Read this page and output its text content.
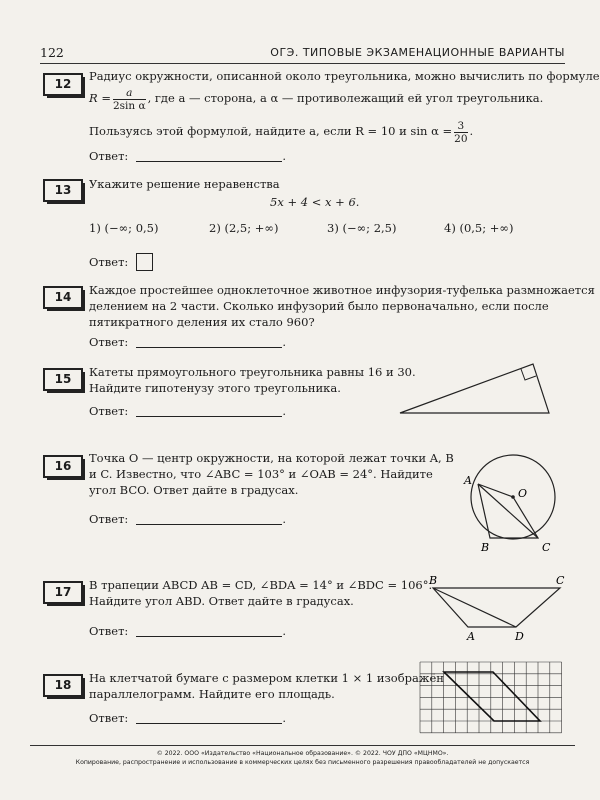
122	ОГЭ. ТИПОВЫЕ ЭКЗАМЕНАЦИОННЫЕ ВАРИАНТЫ
12
Радиус окружности, описанной около треугольника, можно вычислить по формуле
$R = \frac{a}{\text{2sin α}}$ , где a — сторона, а α — противолежащий ей угол треугольника.
Пользуясь этой формулой, найдите a, если R = 10 и $\sin \alpha = \frac{3}{20}$ .
Ответ:	.
13	Укажите решение неравенства
5x + 4 < x + 6.
1) (−∞; 0,5)	2) (2,5; +∞)	3) (−∞; 2,5)	4) (0,5; +∞)
Ответ:
14	Каждое простейшее одноклеточное животное инфузория-туфелька размножается
делением на 2 части. Сколько инфузорий было первоначально, если после
пятикратного деления их стало 960?
Ответ:	.
15	Катеты прямоугольного треугольника равны 16 и 30.
Найдите гипотенузу этого треугольника.
Ответ:	.
16
Точка O — центр окружности, на которой лежат точки A, B
и C. Известно, что ∠ABC = 103° и ∠OAB = 24°. Найдите
угол BCO. Ответ дайте в градусах.
Ответ:	.
A
O
B	C
17	В трапеции ABCD AB = CD, ∠BDA = 14° и ∠BDC = 106°.
Найдите угол ABD. Ответ дайте в градусах.
Ответ:	.
B	C
A	D
18	На клетчатой бумаге с размером клетки 1 × 1 изображён
параллелограмм. Найдите его площадь.
Ответ:	.
© 2022. ООО «Издательство «Национальное образование». © 2022. ЧОУ ДПО «МЦНМО».
Копирование, распространение и использование в коммерческих целях без письменного разрешения правообладателей не допускается
